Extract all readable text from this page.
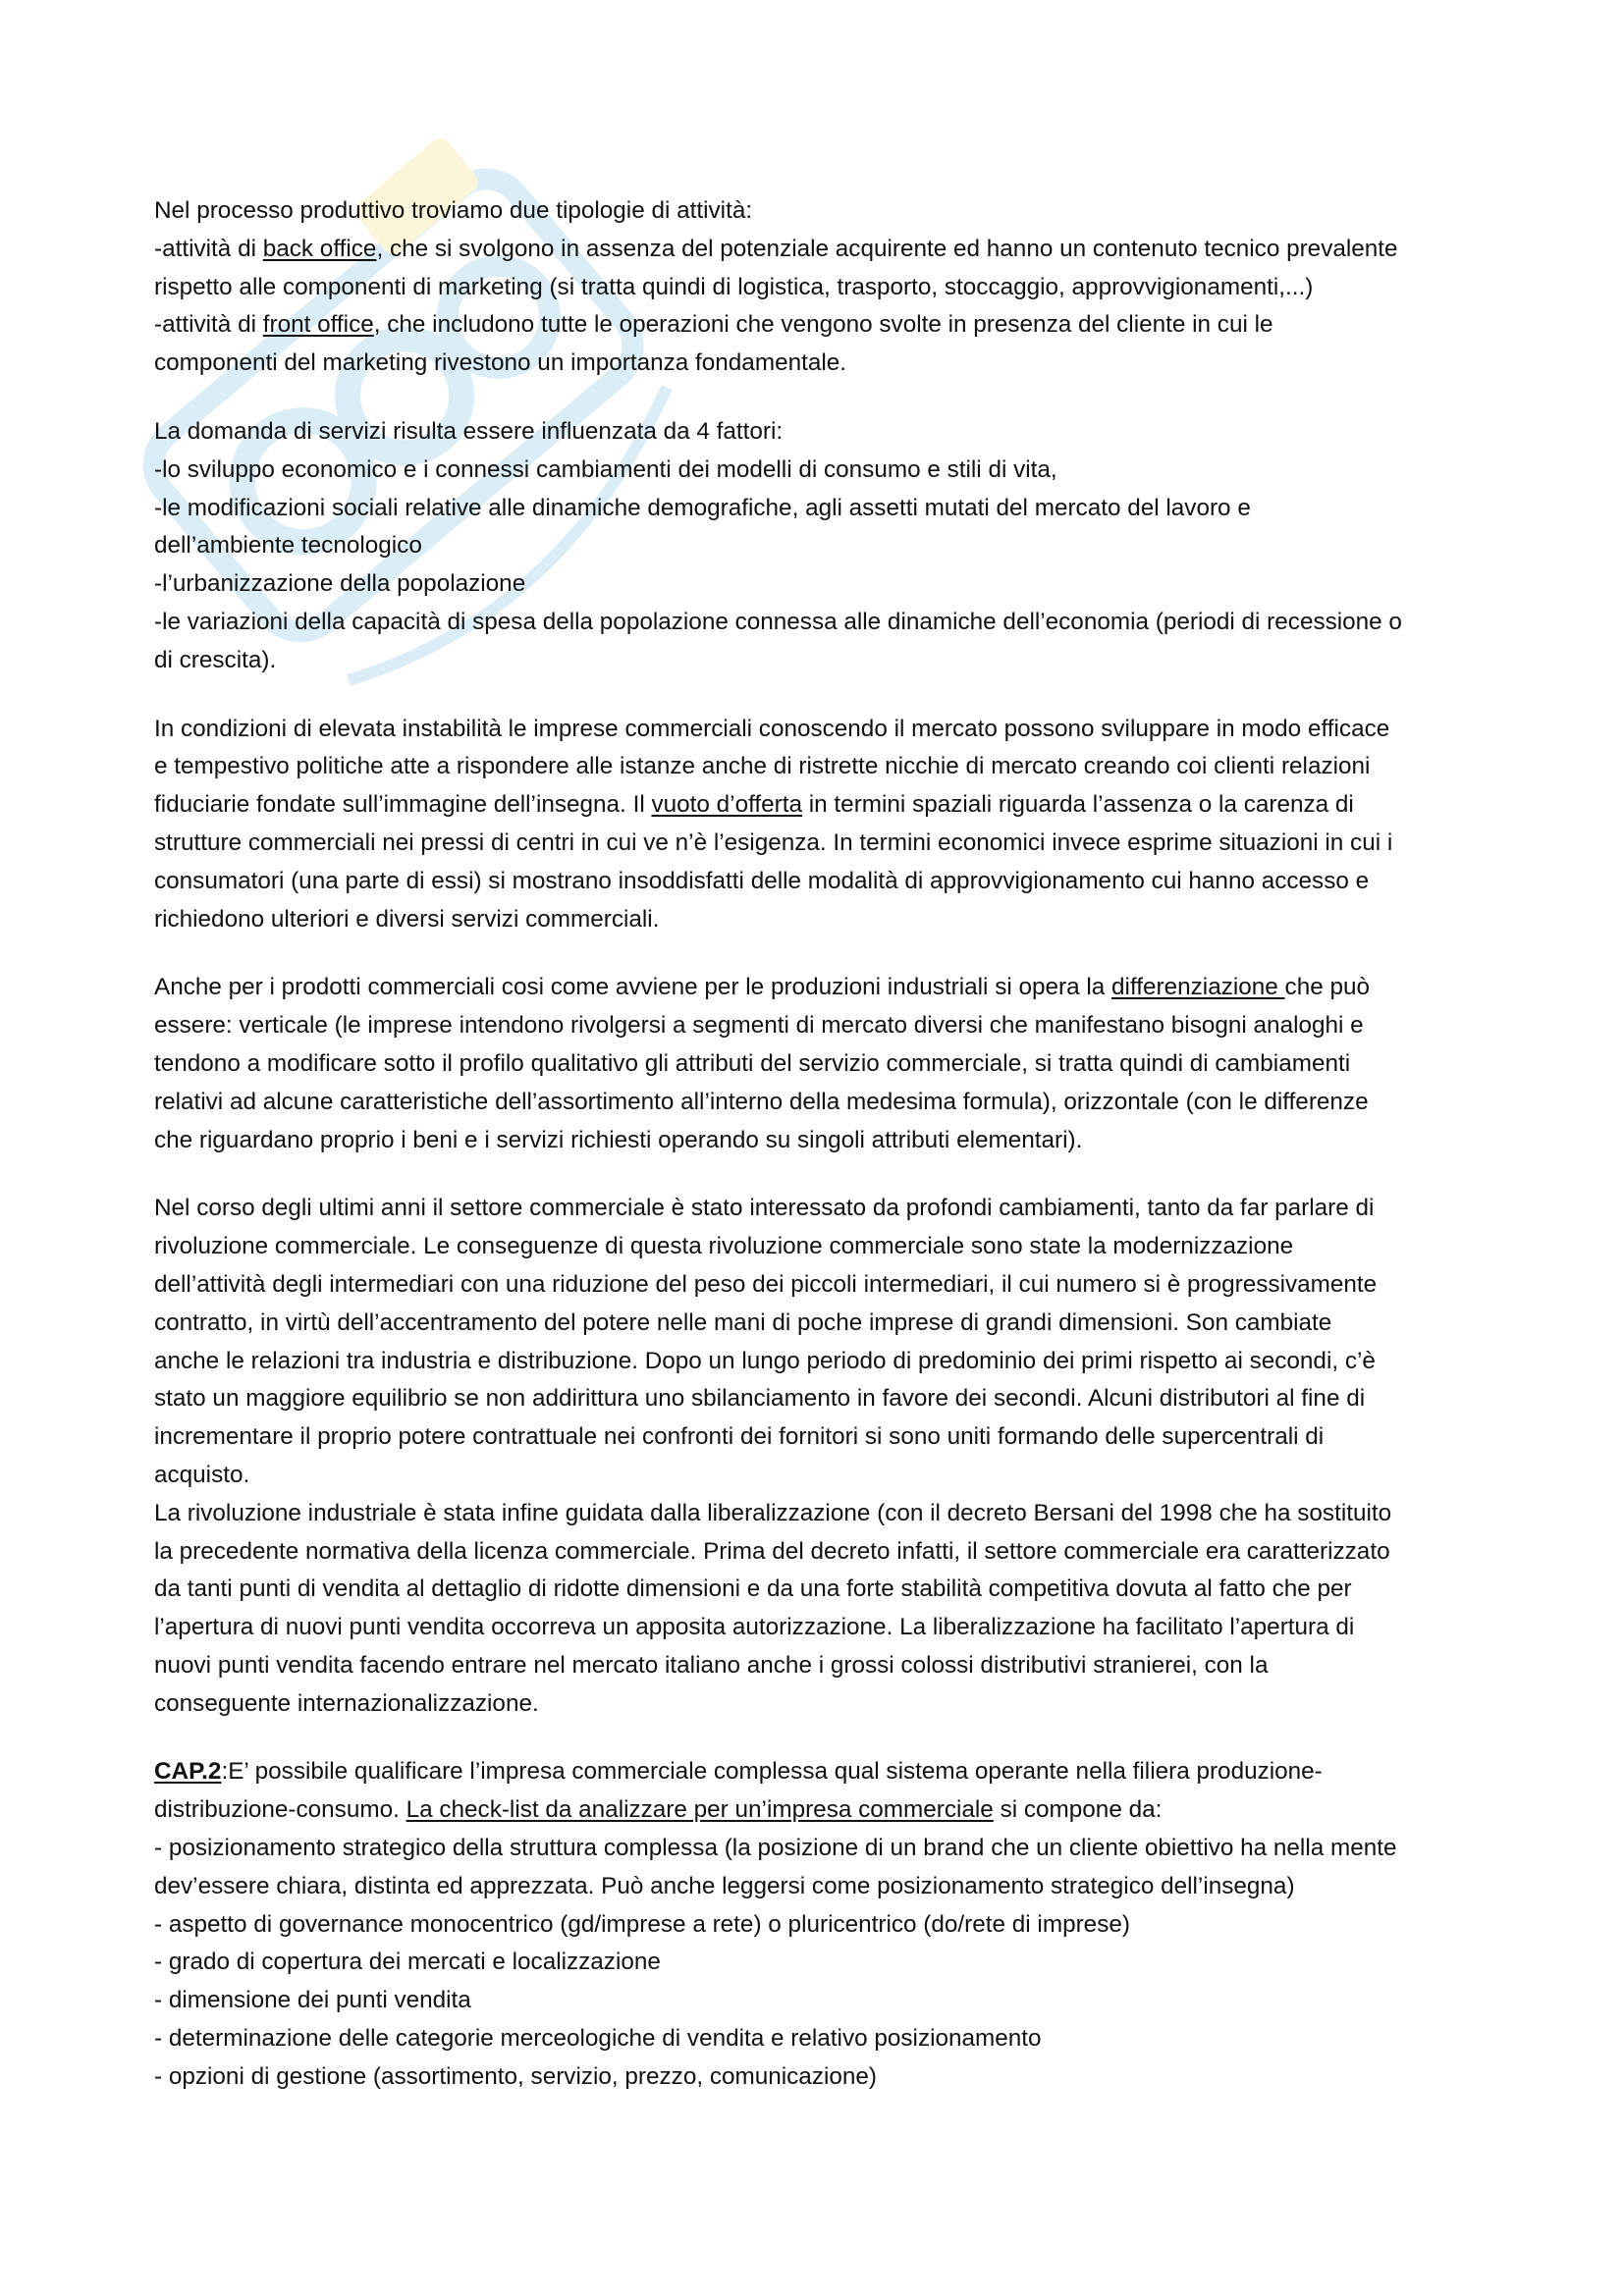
Nel processo produttivo troviamo due tipologie di attività:
-attività di back office, che si svolgono in assenza del potenziale acquirente ed hanno un contenuto tecnico prevalente
rispetto alle componenti di marketing (si tratta quindi di logistica, trasporto, stoccaggio, approvvigionamenti,...)
-attività di front office, che includono tutte le operazioni che vengono svolte in presenza del cliente in cui le
componenti del marketing rivestono un importanza fondamentale.

La domanda di servizi risulta essere influenzata da 4 fattori:
-lo sviluppo economico e i connessi cambiamenti dei modelli di consumo e stili di vita,
-le modificazioni sociali relative alle dinamiche demografiche, agli assetti mutati del mercato del lavoro e
dell’ambiente tecnologico
-l’urbanizzazione della popolazione
-le variazioni della capacità di spesa della popolazione connessa alle dinamiche dell’economia (periodi di recessione o
di crescita).

In condizioni di elevata instabilità le imprese commerciali conoscendo il mercato possono sviluppare in modo efficace
e tempestivo politiche atte a rispondere alle istanze anche di ristrette nicchie di mercato creando coi clienti relazioni
fiduciarie fondate sull’immagine dell’insegna. Il vuoto d’offerta in termini spaziali riguarda l’assenza o la carenza di
strutture commerciali nei pressi di centri in cui ve n’è l’esigenza. In termini economici invece esprime situazioni in cui i
consumatori (una parte di essi) si mostrano insoddisfatti delle modalità di approvvigionamento cui hanno accesso e
richiedono ulteriori e diversi servizi commerciali.

Anche per i prodotti commerciali cosi come avviene per le produzioni industriali si opera la differenziazione che può
essere: verticale (le imprese intendono rivolgersi a segmenti di mercato diversi che manifestano bisogni analoghi e
tendono a modificare sotto il profilo qualitativo gli attributi del servizio commerciale, si tratta quindi di cambiamenti
relativi ad alcune caratteristiche dell’assortimento all’interno della medesima formula), orizzontale (con le differenze
che riguardano proprio i beni e i servizi richiesti operando su singoli attributi elementari).

Nel corso degli ultimi anni il settore commerciale è stato interessato da profondi cambiamenti, tanto da far parlare di
rivoluzione commerciale. Le conseguenze di questa rivoluzione commerciale sono state la modernizzazione
dell’attività degli intermediari con una riduzione del peso dei piccoli intermediari, il cui numero si è progressivamente
contratto, in virtù dell’accentramento del potere nelle mani di poche imprese di grandi dimensioni. Son cambiate
anche le relazioni tra industria e distribuzione. Dopo un lungo periodo di predominio dei primi rispetto ai secondi, c’è
stato un maggiore equilibrio se non addirittura uno sbilanciamento in favore dei secondi. Alcuni distributori al fine di
incrementare il proprio potere contrattuale nei confronti dei fornitori si sono uniti formando delle supercentrali di
acquisto.
La rivoluzione industriale è stata infine guidata dalla liberalizzazione (con il decreto Bersani del 1998 che ha sostituito
la precedente normativa della licenza commerciale. Prima del decreto infatti, il settore commerciale era caratterizzato
da tanti punti di vendita al dettaglio di ridotte dimensioni e da una forte stabilità competitiva dovuta al fatto che per
l’apertura di nuovi punti vendita occorreva un apposita autorizzazione. La liberalizzazione ha facilitato l’apertura di
nuovi punti vendita facendo entrare nel mercato italiano anche i grossi colossi distributivi stranierei, con la
conseguente internazionalizzazione.

CAP.2:E’ possibile qualificare l’impresa commerciale complessa qual sistema operante nella filiera produzione-
distribuzione-consumo. La check-list da analizzare per un’impresa commerciale si compone da:
- posizionamento strategico della struttura complessa (la posizione di un brand che un cliente obiettivo ha nella mente
dev’essere chiara, distinta ed apprezzata. Può anche leggersi come posizionamento strategico dell’insegna)
- aspetto di governance monocentrico (gd/imprese a rete) o pluricentrico (do/rete di imprese)
- grado di copertura dei mercati e localizzazione
- dimensione dei punti vendita
- determinazione delle categorie merceologiche di vendita e relativo posizionamento
- opzioni di gestione (assortimento, servizio, prezzo, comunicazione)
